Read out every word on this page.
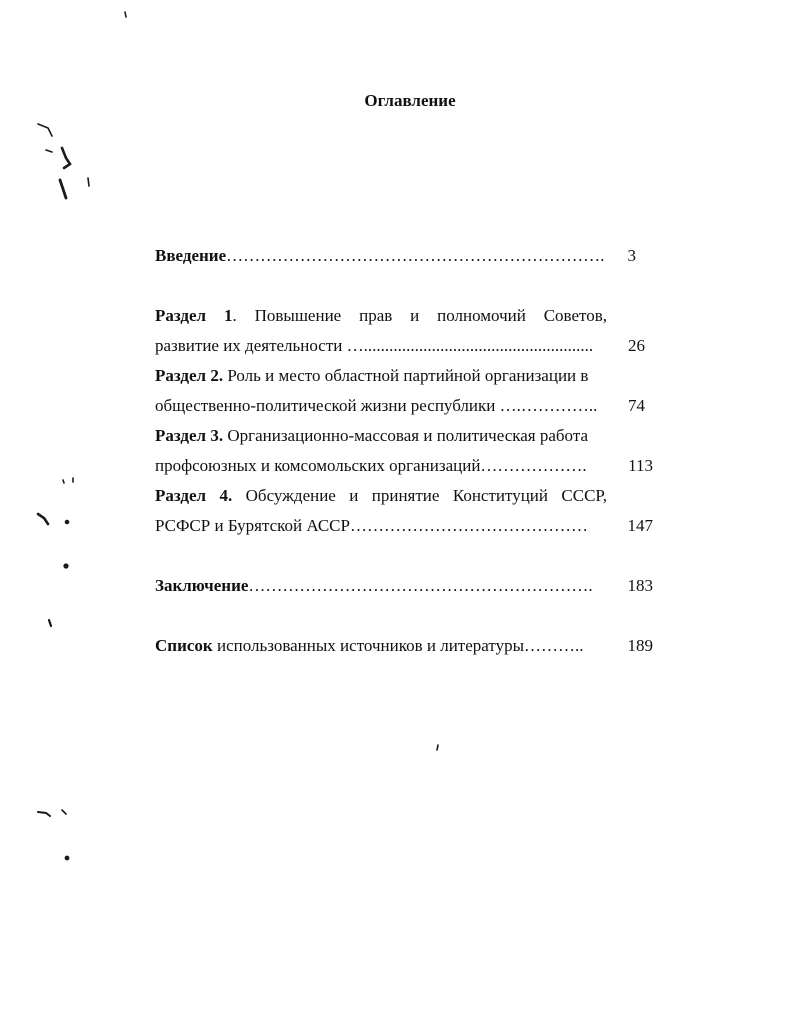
Оглавление
Введение………………………………………………………….	3
Раздел 1. Повышение прав и полномочий Советов,
развитие их деятельности …......................................................	26
Раздел 2. Роль и место областной партийной организации в
общественно-политической жизни республики ….…………..	74
Раздел 3. Организационно-массовая и политическая работа
профсоюзных и комсомольских организаций……………….	113
Раздел 4. Обсуждение и принятие Конституций СССР,
РСФСР и Бурятской АССР……………………………………	147
Заключение…………………………………………………….	183
Список использованных источников и литературы………..	189
